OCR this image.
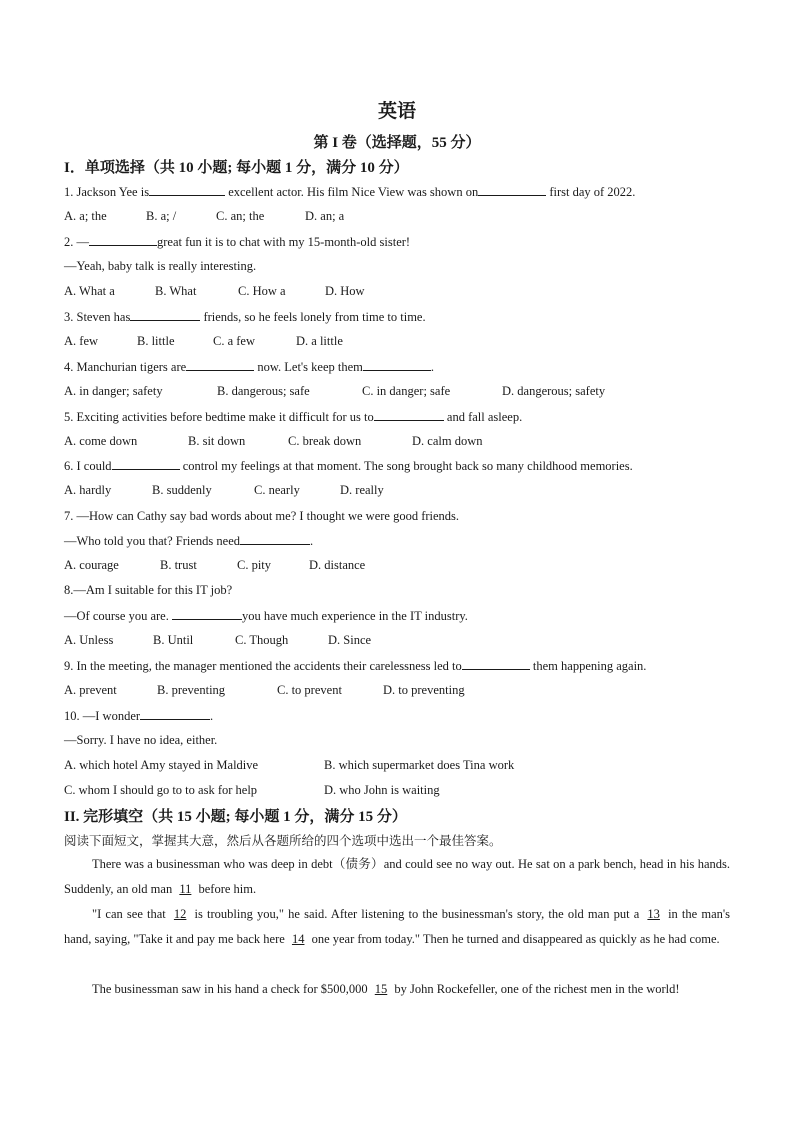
英语
第 I 卷（选择题，55 分）
I．单项选择（共 10 小题; 每小题 1 分，满分 10 分）
1. Jackson Yee is	excellent actor. His film Nice View was shown on	first day of 2022.
A. a; the	B. a; /	C. an; the	D. an; a
2. —	great fun it is to chat with my 15-month-old sister!
—Yeah, baby talk is really interesting.
A. What a	B. What	C. How a	D. How
3. Steven has	friends, so he feels lonely from time to time.
A. few	B. little	C. a few	D. a little
4. Manchurian tigers are	now. Let's keep them	.
A. in danger; safety	B. dangerous; safe	C. in danger; safe	D. dangerous; safety
5. Exciting activities before bedtime make it difficult for us to	and fall asleep.
A. come down	B. sit down	C. break down	D. calm down
6. I could	control my feelings at that moment. The song brought back so many childhood memories.
A. hardly	B. suddenly	C. nearly	D. really
7. —How can Cathy say bad words about me? I thought we were good friends.
—Who told you that? Friends need	.
A. courage	B. trust	C. pity	D. distance
8.—Am I suitable for this IT job?
—Of course you are.	you have much experience in the IT industry.
A. Unless	B. Until	C. Though	D. Since
9. In the meeting, the manager mentioned the accidents their carelessness led to	them happening again.
A. prevent	B. preventing	C. to prevent	D. to preventing
10. —I wonder	.
—Sorry. I have no idea, either.
A. which hotel Amy stayed in Maldive	B. which supermarket does Tina work
C. whom I should go to to ask for help	D. who John is waiting
II. 完形填空（共 15 小题; 每小题 1 分，满分 15 分）
阅读下面短文，掌握其大意，然后从各题所给的四个选项中选出一个最佳答案。
There was a businessman who was deep in debt（债务）and could see no way out. He sat on a park bench, head in his hands. Suddenly, an old man 11 before him.
"I can see that 12 is troubling you," he said. After listening to the businessman's story, the old man put a 13 in the man's hand, saying, "Take it and pay me back here 14 one year from today." Then he turned and disappeared as quickly as he had come.
The businessman saw in his hand a check for $500,000 15 by John Rockefeller, one of the richest men in the world!
